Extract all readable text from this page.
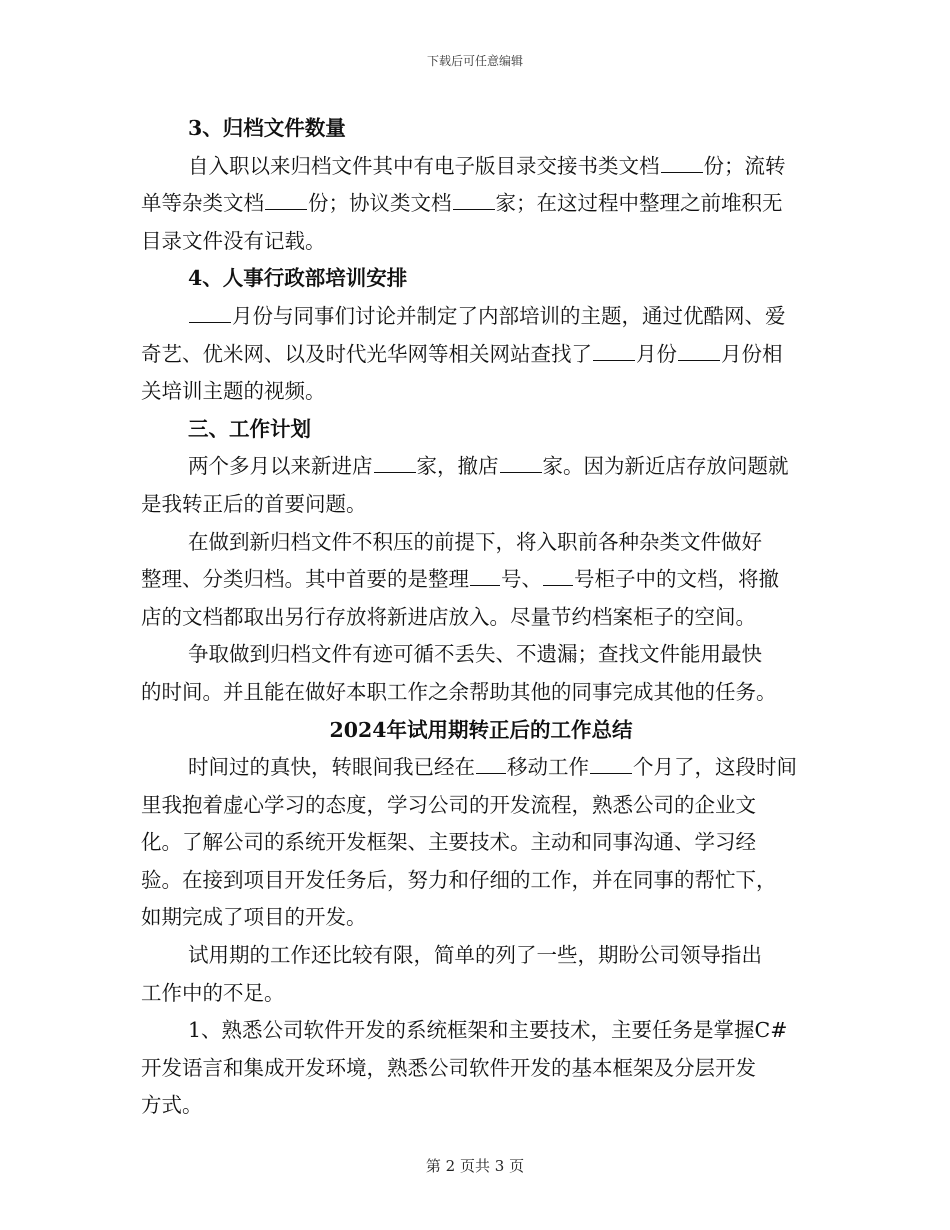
下载后可任意编辑
3、归档文件数量
自入职以来归档文件其中有电子版目录交接书类文档 份；流转
单等杂类文档 份；协议类文档 家；在这过程中整理之前堆积无
目录文件没有记载。
4、人事行政部培训安排
月份与同事们讨论并制定了内部培训的主题，通过优酷网、爱
奇艺、优米网、以及时代光华网等相关网站查找了 月份 月份相
关培训主题的视频。
三、工作计划
两个多月以来新进店 家，撤店 家。因为新近店存放问题就
是我转正后的首要问题。
在做到新归档文件不积压的前提下，将入职前各种杂类文件做好
整理、分类归档。其中首要的是整理 号、 号柜子中的文档，将撤
店的文档都取出另行存放将新进店放入。尽量节约档案柜子的空间。
争取做到归档文件有迹可循不丢失、不遗漏；查找文件能用最快
的时间。并且能在做好本职工作之余帮助其他的同事完成其他的任务。
2024年试用期转正后的工作总结
时间过的真快，转眼间我已经在 移动工作 个月了，这段时间
里我抱着虚心学习的态度，学习公司的开发流程，熟悉公司的企业文
化。了解公司的系统开发框架、主要技术。主动和同事沟通、学习经
验。在接到项目开发任务后，努力和仔细的工作，并在同事的帮忙下，
如期完成了项目的开发。
试用期的工作还比较有限，简单的列了一些，期盼公司领导指出
工作中的不足。
1、熟悉公司软件开发的系统框架和主要技术，主要任务是掌握C#
开发语言和集成开发环境，熟悉公司软件开发的基本框架及分层开发
方式。
第 2 页共 3 页
